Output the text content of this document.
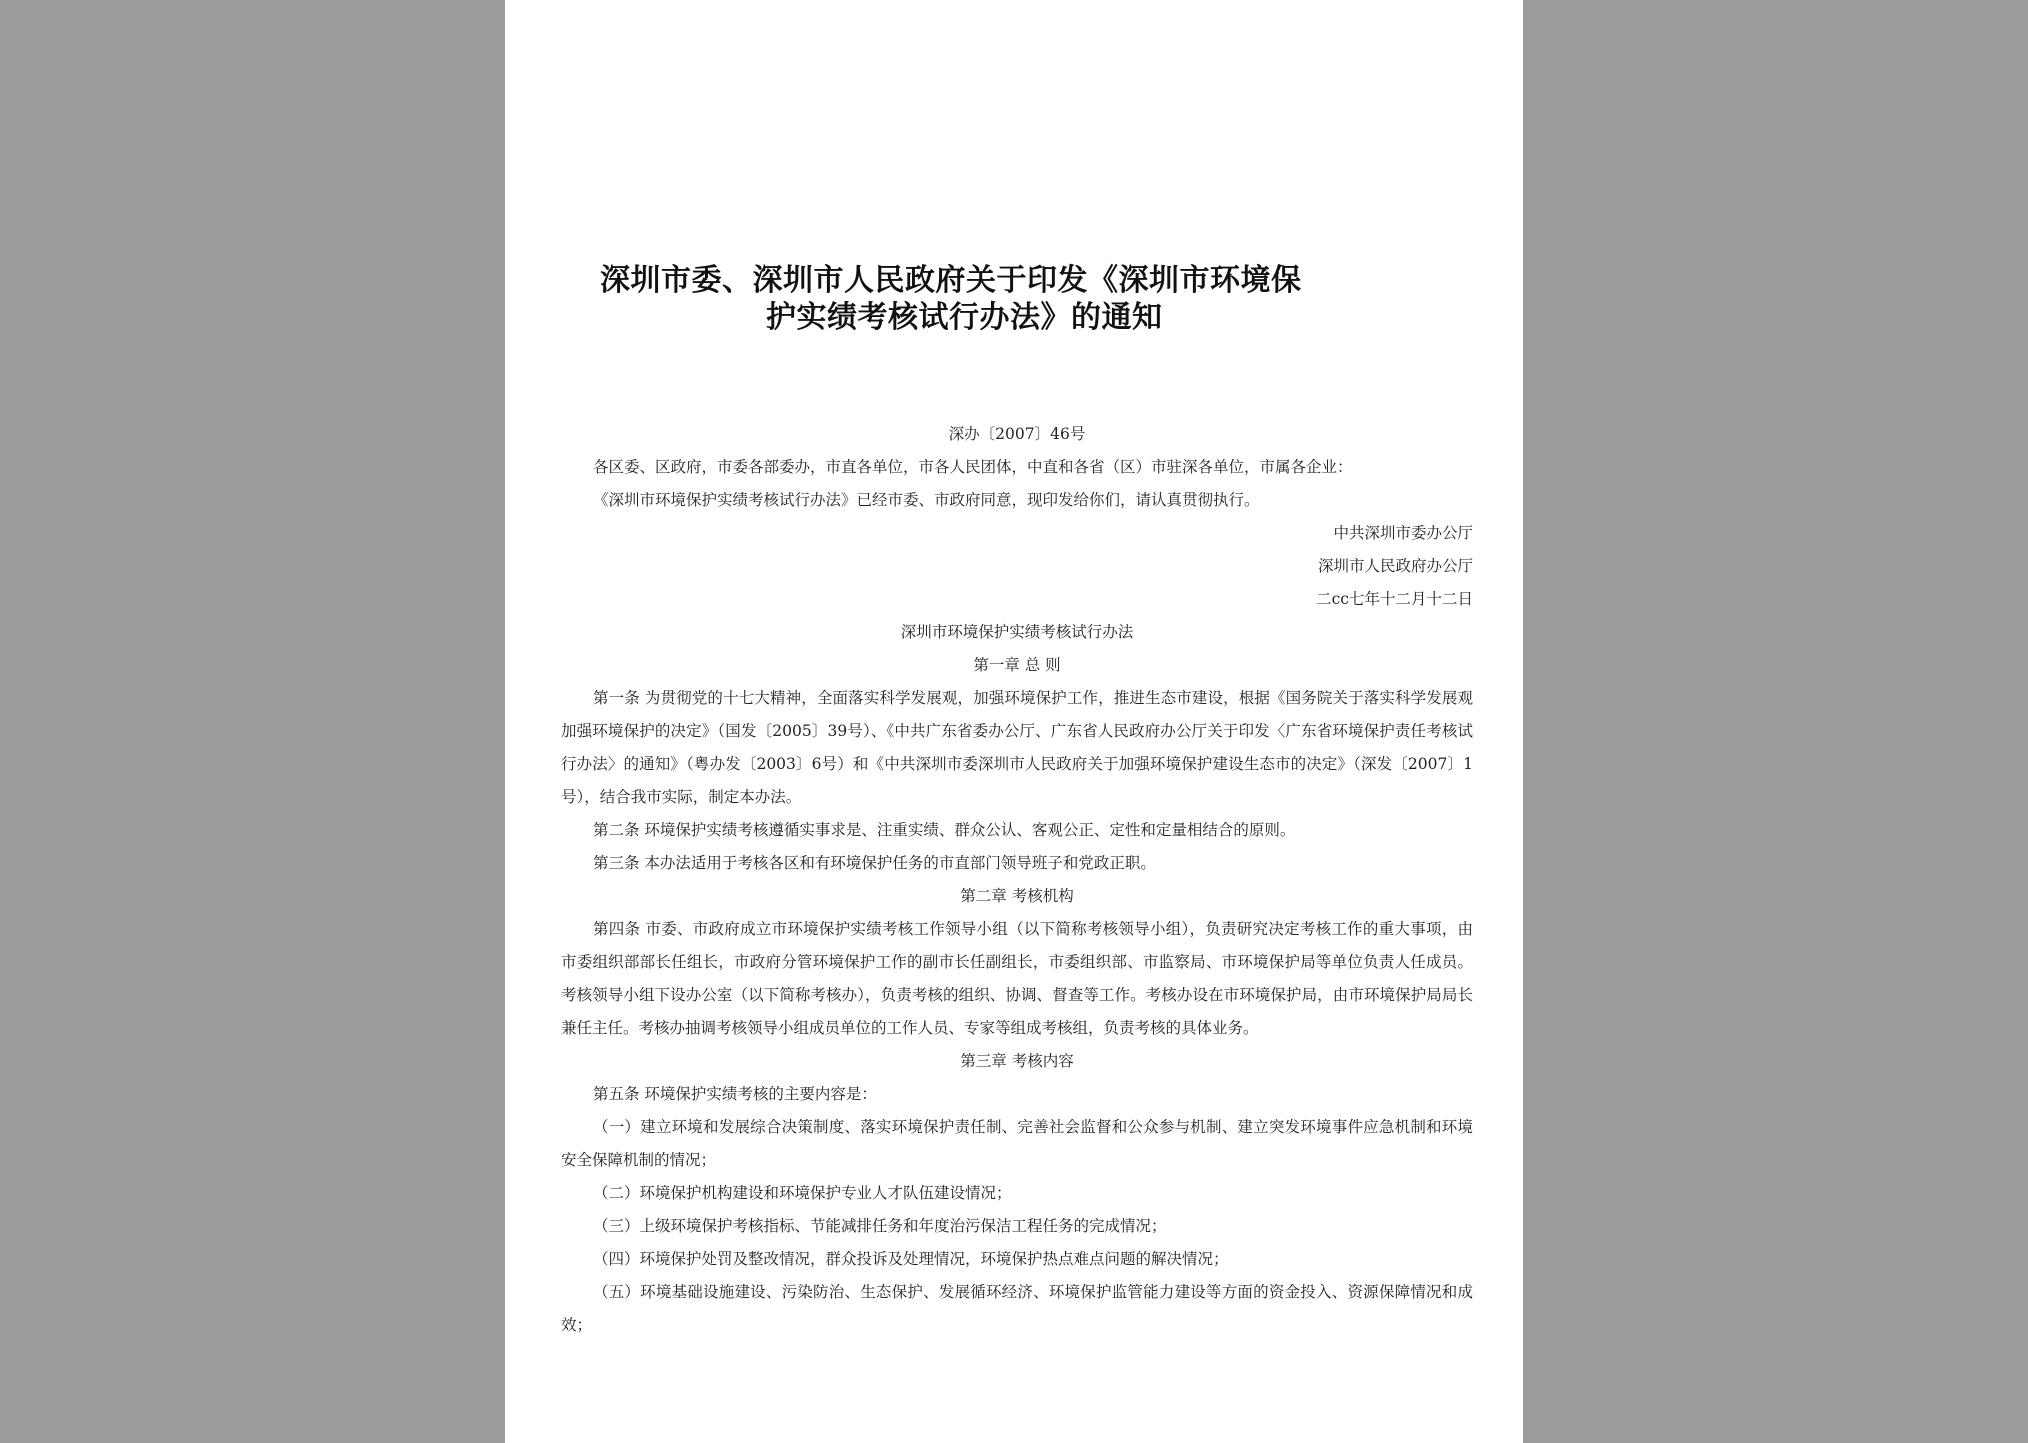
深圳市委、深圳市人民政府关于印发《深圳市环境保
护实绩考核试行办法》的通知
深办〔2007〕46号
各区委、区政府，市委各部委办，市直各单位，市各人民团体，中直和各省（区）市驻深各单位，市属各企业：
《深圳市环境保护实绩考核试行办法》已经市委、市政府同意，现印发给你们，请认真贯彻执行。
中共深圳市委办公厅
深圳市人民政府办公厅
二cc七年十二月十二日
深圳市环境保护实绩考核试行办法
第一章 总 则
第一条 为贯彻党的十七大精神，全面落实科学发展观，加强环境保护工作，推进生态市建设，根据《国务院关于落实科学发展观加强环境保护的决定》（国发〔2005〕39号）、《中共广东省委办公厅、广东省人民政府办公厅关于印发〈广东省环境保护责任考核试行办法〉的通知》（粤办发〔2003〕6号）和《中共深圳市委深圳市人民政府关于加强环境保护建设生态市的决定》（深发〔2007〕1号），结合我市实际，制定本办法。
第二条 环境保护实绩考核遵循实事求是、注重实绩、群众公认、客观公正、定性和定量相结合的原则。
第三条 本办法适用于考核各区和有环境保护任务的市直部门领导班子和党政正职。
第二章 考核机构
第四条 市委、市政府成立市环境保护实绩考核工作领导小组（以下简称考核领导小组），负责研究决定考核工作的重大事项，由市委组织部部长任组长，市政府分管环境保护工作的副市长任副组长，市委组织部、市监察局、市环境保护局等单位负责人任成员。考核领导小组下设办公室（以下简称考核办），负责考核的组织、协调、督查等工作。考核办设在市环境保护局，由市环境保护局局长兼任主任。考核办抽调考核领导小组成员单位的工作人员、专家等组成考核组，负责考核的具体业务。
第三章 考核内容
第五条 环境保护实绩考核的主要内容是：
（一）建立环境和发展综合决策制度、落实环境保护责任制、完善社会监督和公众参与机制、建立突发环境事件应急机制和环境安全保障机制的情况；
（二）环境保护机构建设和环境保护专业人才队伍建设情况；
（三）上级环境保护考核指标、节能减排任务和年度治污保洁工程任务的完成情况；
（四）环境保护处罚及整改情况，群众投诉及处理情况，环境保护热点难点问题的解决情况；
（五）环境基础设施建设、污染防治、生态保护、发展循环经济、环境保护监管能力建设等方面的资金投入、资源保障情况和成效；
